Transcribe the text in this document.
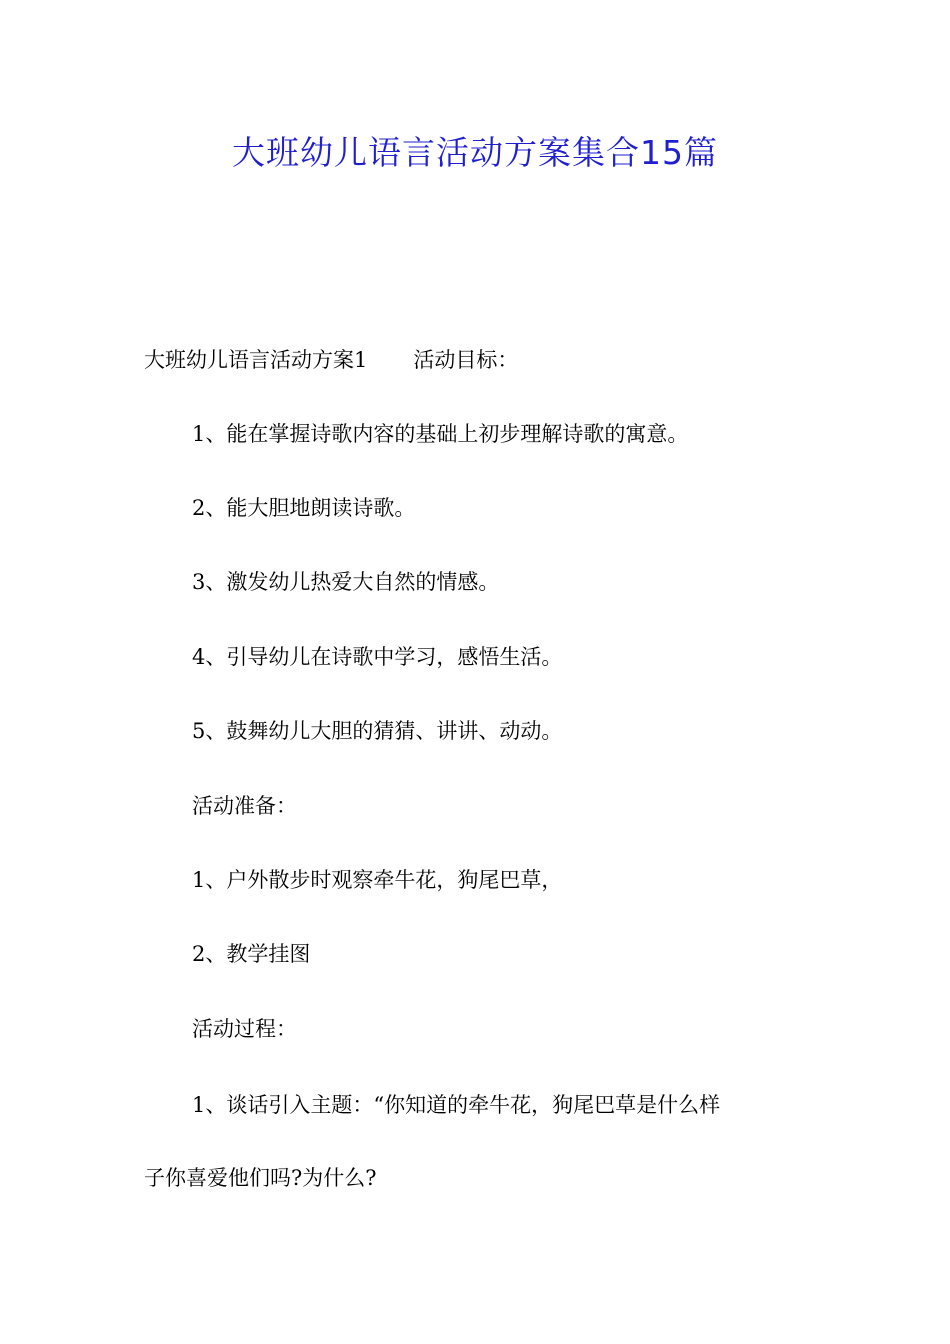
大班幼儿语言活动方案集合15篇

大班幼儿语言活动方案1 活动目标：

1、能在掌握诗歌内容的基础上初步理解诗歌的寓意。

2、能大胆地朗读诗歌。

3、激发幼儿热爱大自然的情感。

4、引导幼儿在诗歌中学习，感悟生活。

5、鼓舞幼儿大胆的猜猜、讲讲、动动。

活动准备：

1、户外散步时观察牵牛花，狗尾巴草，

2、教学挂图

活动过程：

1、谈话引入主题：“你知道的牵牛花，狗尾巴草是什么样

子你喜爱他们吗?为什么?
